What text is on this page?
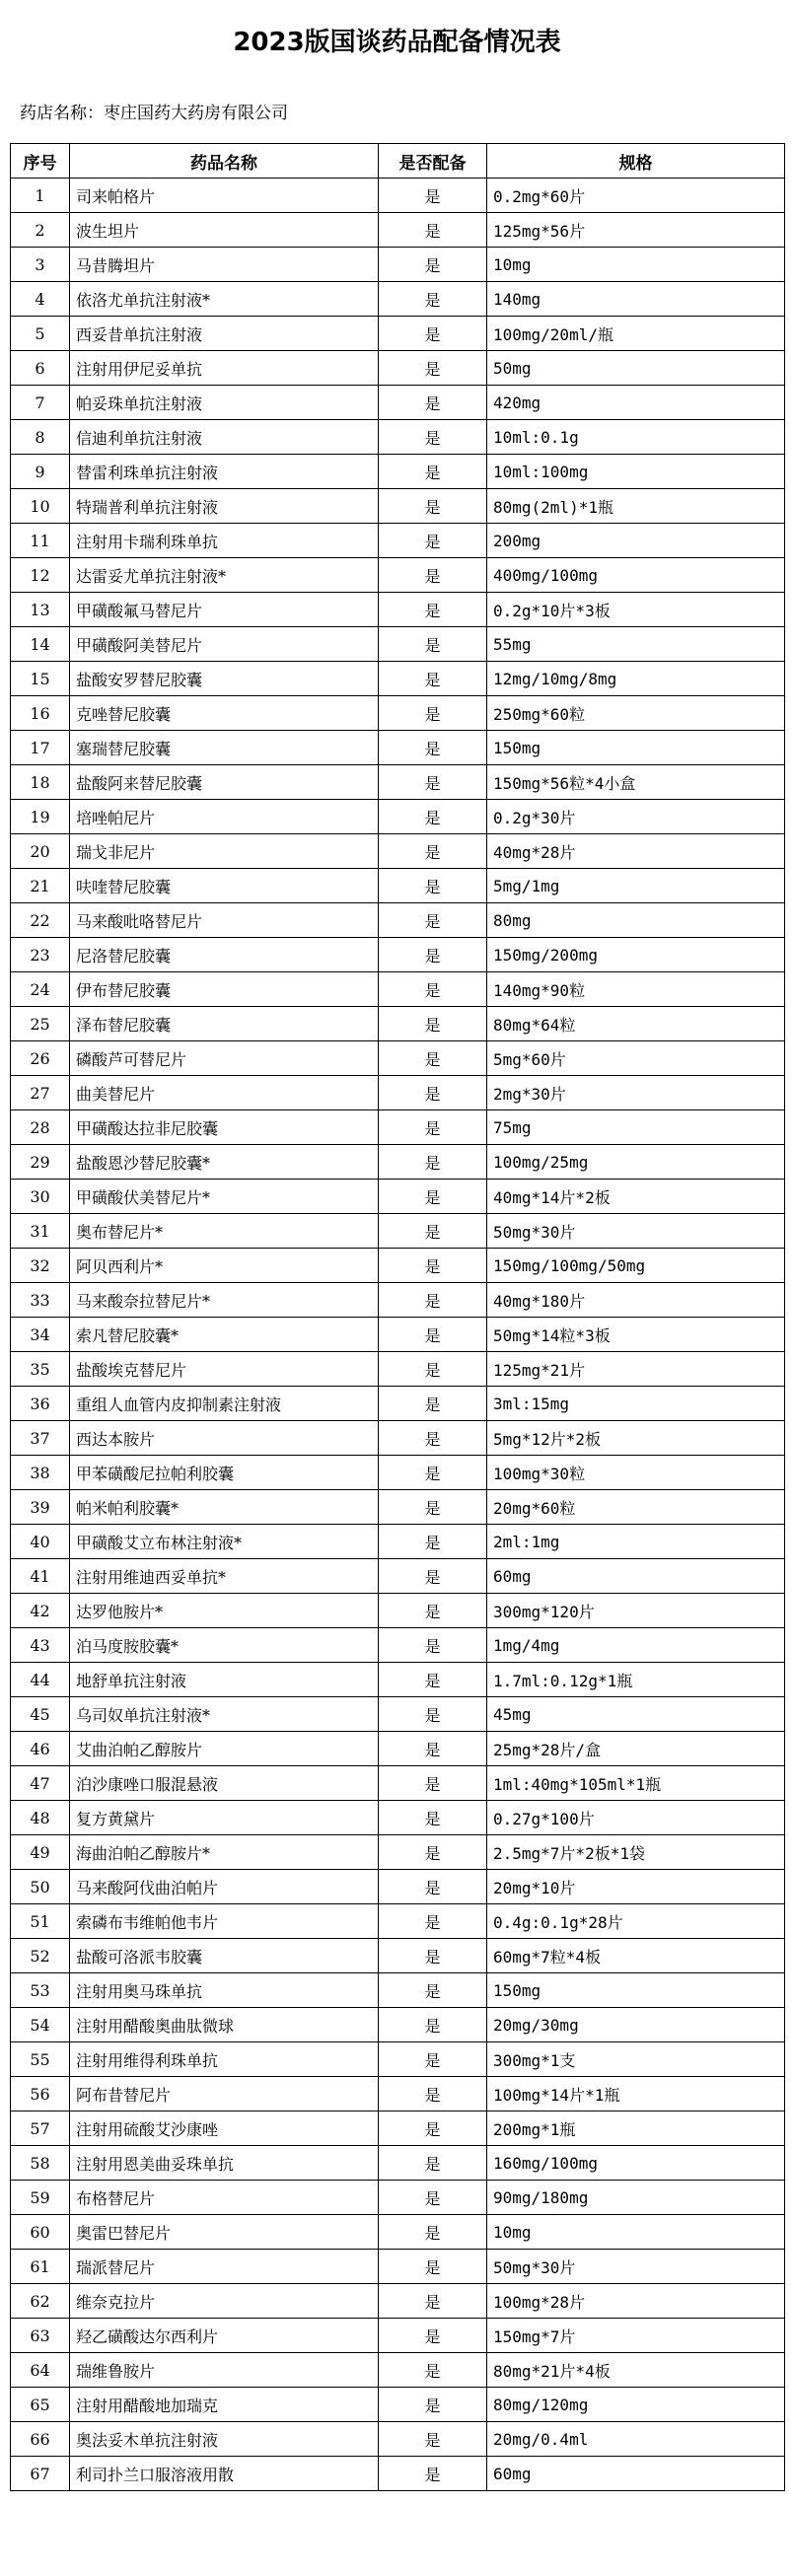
2023版国谈药品配备情况表
药店名称：枣庄国药大药房有限公司
序号	药品名称	是否配备	规格
1	司来帕格片	是	0.2mg*60片
2	波生坦片	是	125mg*56片
3	马昔腾坦片	是	10mg
4	依洛尤单抗注射液*	是	140mg
5	西妥昔单抗注射液	是	100mg/20ml/瓶
6	注射用伊尼妥单抗	是	50mg
7	帕妥珠单抗注射液	是	420mg
8	信迪利单抗注射液	是	10ml:0.1g
9	替雷利珠单抗注射液	是	10ml:100mg
10	特瑞普利单抗注射液	是	80mg(2ml)*1瓶
11	注射用卡瑞利珠单抗	是	200mg
12	达雷妥尤单抗注射液*	是	400mg/100mg
13	甲磺酸氟马替尼片	是	0.2g*10片*3板
14	甲磺酸阿美替尼片	是	55mg
15	盐酸安罗替尼胶囊	是	12mg/10mg/8mg
16	克唑替尼胶囊	是	250mg*60粒
17	塞瑞替尼胶囊	是	150mg
18	盐酸阿来替尼胶囊	是	150mg*56粒*4小盒
19	培唑帕尼片	是	0.2g*30片
20	瑞戈非尼片	是	40mg*28片
21	呋喹替尼胶囊	是	5mg/1mg
22	马来酸吡咯替尼片	是	80mg
23	尼洛替尼胶囊	是	150mg/200mg
24	伊布替尼胶囊	是	140mg*90粒
25	泽布替尼胶囊	是	80mg*64粒
26	磷酸芦可替尼片	是	5mg*60片
27	曲美替尼片	是	2mg*30片
28	甲磺酸达拉非尼胶囊	是	75mg
29	盐酸恩沙替尼胶囊*	是	100mg/25mg
30	甲磺酸伏美替尼片*	是	40mg*14片*2板
31	奥布替尼片*	是	50mg*30片
32	阿贝西利片*	是	150mg/100mg/50mg
33	马来酸奈拉替尼片*	是	40mg*180片
34	索凡替尼胶囊*	是	50mg*14粒*3板
35	盐酸埃克替尼片	是	125mg*21片
36	重组人血管内皮抑制素注射液	是	3ml:15mg
37	西达本胺片	是	5mg*12片*2板
38	甲苯磺酸尼拉帕利胶囊	是	100mg*30粒
39	帕米帕利胶囊*	是	20mg*60粒
40	甲磺酸艾立布林注射液*	是	2ml:1mg
41	注射用维迪西妥单抗*	是	60mg
42	达罗他胺片*	是	300mg*120片
43	泊马度胺胶囊*	是	1mg/4mg
44	地舒单抗注射液	是	1.7ml:0.12g*1瓶
45	乌司奴单抗注射液*	是	45mg
46	艾曲泊帕乙醇胺片	是	25mg*28片/盒
47	泊沙康唑口服混悬液	是	1ml:40mg*105ml*1瓶
48	复方黄黛片	是	0.27g*100片
49	海曲泊帕乙醇胺片*	是	2.5mg*7片*2板*1袋
50	马来酸阿伐曲泊帕片	是	20mg*10片
51	索磷布韦维帕他韦片	是	0.4g:0.1g*28片
52	盐酸可洛派韦胶囊	是	60mg*7粒*4板
53	注射用奥马珠单抗	是	150mg
54	注射用醋酸奥曲肽微球	是	20mg/30mg
55	注射用维得利珠单抗	是	300mg*1支
56	阿布昔替尼片	是	100mg*14片*1瓶
57	注射用硫酸艾沙康唑	是	200mg*1瓶
58	注射用恩美曲妥珠单抗	是	160mg/100mg
59	布格替尼片	是	90mg/180mg
60	奥雷巴替尼片	是	10mg
61	瑞派替尼片	是	50mg*30片
62	维奈克拉片	是	100mg*28片
63	羟乙磺酸达尔西利片	是	150mg*7片
64	瑞维鲁胺片	是	80mg*21片*4板
65	注射用醋酸地加瑞克	是	80mg/120mg
66	奥法妥木单抗注射液	是	20mg/0.4ml
67	利司扑兰口服溶液用散	是	60mg
